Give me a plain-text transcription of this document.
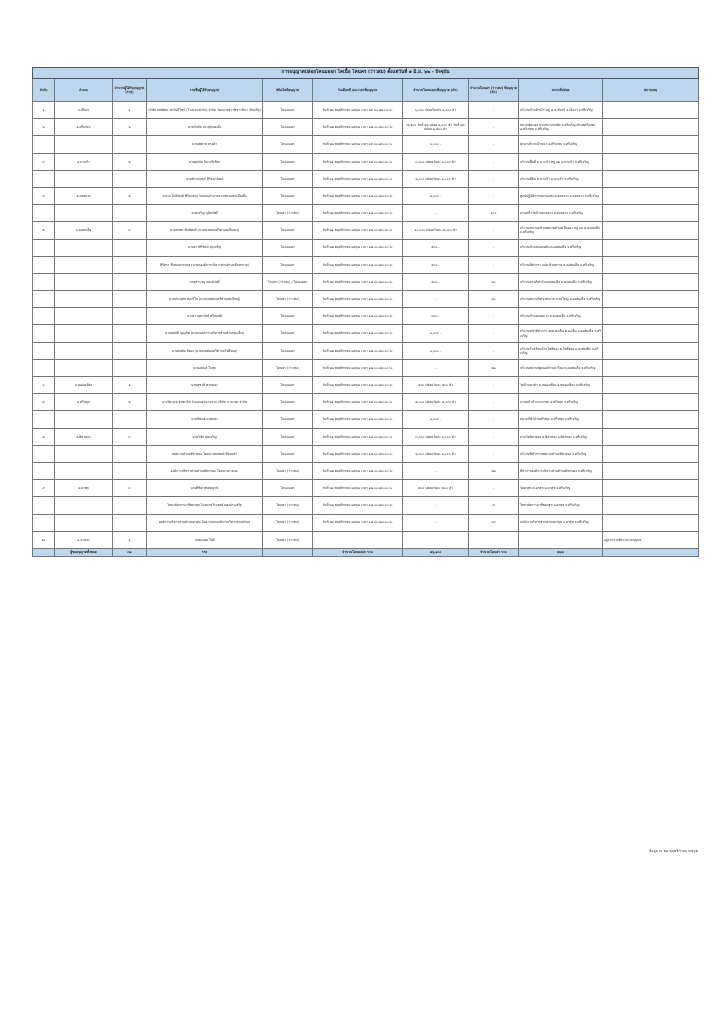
การอนุญาตปล่อยโคนมออก โคเนื้อ โคนคร (ว่าวสม) ตั้งแต่วันที่ ๑ มิ.ย. ๖๒ - ปัจจุบัน									
ลำดับ	อำเภอ	จำนวนผู้ได้รับอนุญาต (ราย)	รายชื่อผู้ได้รับอนุญาต	ชนิดโคที่อนุญาต	วันเดือนปี และเวลาที่อนุญาต	จำนวนโคนมออกที่อนุญาต (ตัว)	จำนวนโคนคร (ว่าวสม) ที่อนุญาต (ตัว)	สถานที่ปล่อย	หมายเหตุ
๑	อ.เมืองฯ	๑	บริษัท สหพัฒน ฟาร์มดีไซน์ (โรงแรมฟาร์ม) จำกัด โดยนางสาวพิชาวนีนา เกียรติรุ่ง	โคนมออก	วันที่ ๒๒ พฤศจิกายน ๒๕๖๒ เวลา ๑๙.๐๐-๒๒.๓๐ น.	๖,๐๐๐ ปล่อยไม่เกิน ๑,๐๐๐ ตัว	-	บริเวณบ้านห้วยไร่ หมู่ ๗ ต.จันทร์ อ.เมืองฯ จ.ศรีเจริญ	
๒	อ.ศรีเกษม	๒	นายวันชัย ประทุมทองยิ่ง	โคนมออก	วันที่ ๒๒ พฤศจิกายน ๒๕๖๒ เวลา ๑๘.๐๐-๒๓.๐๐ น.	๔,๕๐๐ วันที่ ๒๑ ปล่อย ๒,๐๐๐ ตัว วันที่ ๒๒ ปล่อย ๒,๕๐๐ ตัว	-	สนามฟุตบอล ทรงสนามรถพัด จ.ศรีเจริญ ตำบลศรีเกษม อ.ศรีเกษม จ.ศรีเจริญ	
			นายเพทาย ทรงคำ	โคนมออก	วันที่ ๒๒ พฤศจิกายน ๒๕๖๒ เวลา ๑๙.๐๐-๒๓.๐๐ น.	๑,๐๐๐ -	-	ทุ่งนาบริเวณบ้านนา อ.ศรีเกษม จ.ศรีเจริญ	
๓	อ.นาแก้ว	๒	นายศุภนัย ภิยวาทีเชียร	โคนมออก	วันที่ ๒๑ พฤศจิกายน ๒๕๖๒ เวลา ๑๘.๐๐-๒๓.๐๐ น.	๓,๐๐๐ ปล่อยวันละ ๑,๐๐๐ ตัว	-	บริเวณพื้นที่ ต.นาแก้ว หมู่ ๑๒ อ.นาแก้ว จ.ศรีเจริญ	
			นายจักรกฤษณ์ ศิริธนาวัฒน์	โคนมออก	วันที่ ๒๑ พฤศจิกายน ๒๕๖๒ เวลา ๑๘.๐๐-๒๓.๐๐ น.	๒,๐๐๐ ปล่อยวันละ ๑,๐๐๐ ตัว	-	บริเวณที่ดิน ต.นาแก้ว อ.นาแก้ว จ.ศรีเจริญ	
๔	อ.ดงหลวง	๒	ต.ส.ต.โภคินันท์ พิริยะสกุล รับมอบอำนาจจากชมรมคนเมืองตึง	โคนมออก	วันที่ ๒๒ พฤศจิกายน ๒๕๖๒ เวลา ๑๘.๐๐-๒๓.๐๐ น.	๒,๐๐๐ -	-	ศูนย์ปฏิบัติการชมรมแห่ง ต.ดงหลวง อ.ดงหลวง จ.ศรีเจริญ	
			นายเจริญ ภูมิสวัสดิ์	โคนคร (ว่าวสม)	วันที่ ๒๒ พฤศจิกายน ๒๕๖๒ เวลา ๑๘.๐๐-๒๓.๐๐ น.	- -	๑๐๐	ลานหน้าวัดบ้านดงหลวง อ.ดงหลวง จ.ศรีเจริญ	
๕	อ.ดงสมเด็จ	๙	นายสมพร พิมพ์พงศ์ (นายกเทศมนตรีตำบลเมืองดง)	โคนมออก	วันที่ ๒๑ พฤศจิกายน ๒๕๖๒ เวลา ๑๘.๐๐-๒๓.๐๐ น.	๑๐,๐๐๐ ปล่อยวันละ ๕,๐๐๐ ตัว	-	บริเวณสนามหน้าเทศบาลตำบลเมืองดง หมู่ ๑๒ ต.ดงสมเด็จ จ.ศรีเจริญ	
			นางสาวสิริรัตน์ สุขเจริญ	โคนมออก	วันที่ ๒๒ พฤศจิกายน ๒๕๖๒ เวลา ๑๘.๐๐-๒๓.๐๐ น.	๕๐๐ -	-	บริเวณบ้านหนองพลับ ต.ดงสมเด็จ จ.ศรีเจริญ	
			ศิริศรา ชื่นชมธรรมกุล (นายกองค์การบริหารส่วนตำบลห้วยทราย)	โคนมออก	วันที่ ๒๒ พฤศจิกายน ๒๕๖๒ เวลา ๑๘.๐๐-๒๓.๐๐ น.	๕๐๐ -	-	บริเวณที่ทำการ อบต.ห้วยทราย ต.ดงสมเด็จ จ.ศรีเจริญ	
			นายสำราญ ทองสวัสดิ์	โคนคร (ว่าวสม) / โคนมออก	วันที่ ๒๒ พฤศจิกายน ๒๕๖๒ เวลา ๑๘.๐๐-๒๓.๐๐ น.	๕๐๐ -	๒๐	บริเวณลานกีฬาบ้านดงสมเด็จ ต.ดงสมเด็จ จ.ศรีเจริญ	
			นายประยุทธ ทองวิไล (นายกเทศมนตรีตำบลดงใหญ่)	โคนคร (ว่าวสม)	วันที่ ๒๒ พฤศจิกายน ๒๕๖๒ เวลา ๑๘.๐๐-๒๓.๐๐ น.	- -	๒๐	บริเวณสนามกีฬาเทศบาล ต.ดงใหญ่ อ.ดงสมเด็จ จ.ศรีเจริญ	
			นางสาวสุธาวัลย์ ศรีสมบัติ	โคนมออก	วันที่ ๒๒ พฤศจิกายน ๒๕๖๒ เวลา ๑๘.๐๐-๒๓.๐๐ น.	๓๐๐ -	-	บริเวณบ้านหนองแวง ต.ดงสมเด็จ จ.ศรีเจริญ	
			นายสมบัติ บุญเกิด (นายกองค์การบริหารส่วนตำบลดงเย็น)	โคนมออก	วันที่ ๒๒ พฤศจิกายน ๒๕๖๒ เวลา ๑๘.๐๐-๒๓.๐๐ น.	๑,๐๐๐ -	-	บริเวณหน้าที่ทำการ อบต.ดงเย็น ต.ดงเย็น อ.ดงสมเด็จ จ.ศรีเจริญ	
			นายสมคิด ยิ่งยง (นายกเทศมนตรีตำบลโพธิ์ทอง)	โคนมออก	วันที่ ๒๒ พฤศจิกายน ๒๕๖๒ เวลา ๑๘.๐๐-๒๓.๐๐ น.	๑,๐๐๐ -	-	บริเวณโรงเรียนบ้านโพธิ์ทอง ต.โพธิ์ทอง อ.ดงสมเด็จ จ.ศรีเจริญ	
			นายอนันต์ ใจสุข	โคนคร (ว่าวสม)	วันที่ ๒๒ พฤศจิกายน ๒๕๖๒ เวลา ๑๘.๐๐-๒๓.๐๐ น.	- -	๒๒	บริเวณสนามฟุตบอลบ้านนาใหม่ ต.ดงสมเด็จ จ.ศรีเจริญ	
๖	อ.หนองเชียง	๑	นายสุชาติ พานทอง	โคนมออก	วันที่ ๒๒ พฤศจิกายน ๒๕๖๒ เวลา ๑๘.๐๐-๒๓.๐๐ น.	๔๐๐ ปล่อยวันละ ๔๐๐ ตัว	-	วัดบ้านนาคำ ต.หนองเชียง อ.หนองเชียง จ.ศรีเจริญ	
๗	อ.ศรีปทุม	๒	นางปิยะนุช สุขพานิช รับมอบอำนาจจาก บริษัท นานาพร จำกัด	โคนมออก	วันที่ ๒๑ พฤศจิกายน ๒๕๖๒ เวลา ๑๘.๐๐-๒๓.๐๐ น.	๕,๐๐๐ ปล่อยวันละ ๕,๐๐๐ ตัว	-	ลานหน้าห้างนานาพร อ.ศรีปทุม จ.ศรีเจริญ	
			นายนิพนธ์ แสงทอง	โคนมออก	วันที่ ๒๒ พฤศจิกายน ๒๕๖๒ เวลา ๑๘.๐๐-๒๓.๐๐ น.	๑,๐๐๐ -	-	สนามกีฬาบ้านศรีปทุม อ.ศรีปทุม จ.ศรีเจริญ	
๘	อ.ศิลาทอง	๓	นายวิชัย สุขเจริญ	โคนมออก	วันที่ ๒๑ พฤศจิกายน ๒๕๖๒ เวลา ๑๘.๐๐-๒๓.๐๐ น.	๓,๐๐๐ ปล่อยวันละ ๑,๐๐๐ ตัว	-	ลานวัดศิลาทอง ต.ศิลาทอง อ.ศิลาทอง จ.ศรีเจริญ	
			เทศบาลตำบลศิลาทอง โดยนายสมพงษ์ ดีทองคำ	โคนมออก	วันที่ ๒๒ พฤศจิกายน ๒๕๖๒ เวลา ๑๘.๐๐-๒๓.๐๐ น.	๒,๐๐๐ ปล่อยวันละ ๑,๐๐๐ ตัว	-	บริเวณที่ทำการเทศบาลตำบลศิลาทอง จ.ศรีเจริญ	
			องค์การบริหารส่วนตำบลศิลาทอง โดยนายก อบต.	โคนคร (ว่าวสม)	วันที่ ๒๒ พฤศจิกายน ๒๕๖๒ เวลา ๑๘.๐๐-๒๓.๐๐ น.	- -	๒๒	ที่ทำการองค์การบริหารส่วนตำบลศิลาทอง จ.ศรีเจริญ	
๙	อ.ผาสุข	๓	นายพิชิต สุขสมบูรณ์	โคนมออก	วันที่ ๒๑ พฤศจิกายน ๒๕๖๒ เวลา ๑๘.๐๐-๒๓.๐๐ น.	๕๐๐ ปล่อยวันละ ๕๐๐ ตัว	-	วัดผาสุข ต.ผาสุข อ.ผาสุข จ.ศรีเจริญ	
			วิทยาลัยการอาชีพผาสุข โดยนายวีระพงษ์ ทองประเสริฐ	โคนคร (ว่าวสม)	วันที่ ๒๒ พฤศจิกายน ๒๕๖๒ เวลา ๑๘.๐๐-๒๓.๐๐ น.	- -	๔	วิทยาลัยการอาชีพผาสุข อ.ผาสุข จ.ศรีเจริญ	
			องค์การบริหารส่วนตำบลผาสุข โดย นายกองค์การบริหารส่วนตำบล	โคนคร (ว่าวสม)	วันที่ ๒๒ พฤศจิกายน ๒๕๖๒ เวลา ๑๘.๐๐-๒๓.๐๐ น.	- -	๔๐	องค์การบริหารส่วนตำบลผาสุข อ.ผาสุข จ.ศรีเจริญ	
๑๐	อ.นาทอง	๑	นายมงคล ใจดี	โคนคร (ว่าวสม)					อยู่ระหว่างพิจารณาอนุญาต
	ผู้ขออนุญาตทั้งหมด	๓๑	ราย		จำนวนโคนมออก รวม	๔๖,๑๐๐	จำนวนโคนคร รวม	๒๒๘	
ข้อมูล ณ ๒๑ พฤศจิกายน ๒๕๖๒
